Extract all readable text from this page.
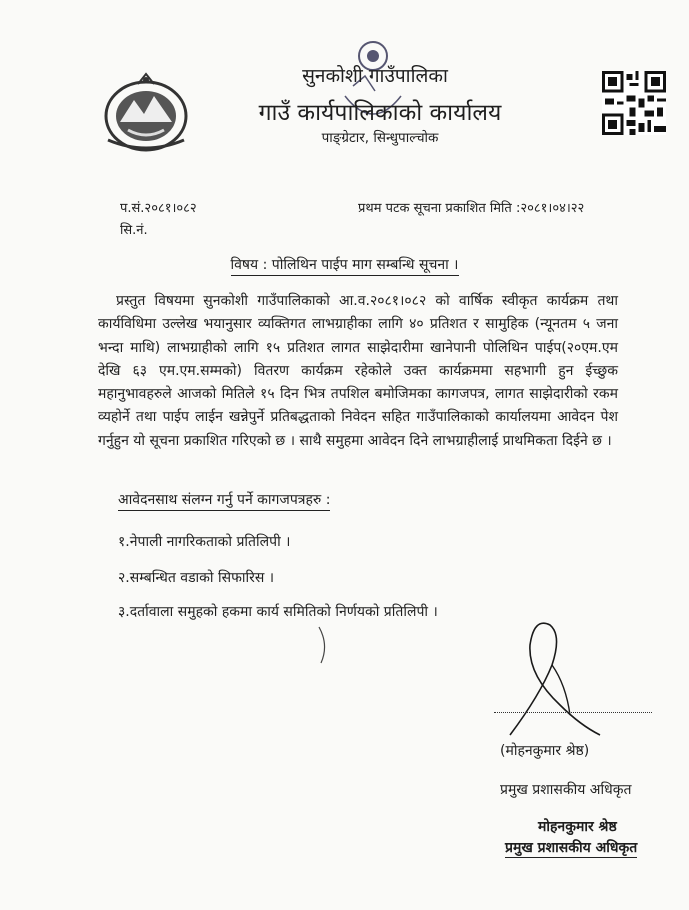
सुनकोशी गाउँपालिका
गाउँ कार्यपालिकाको कार्यालय
पाङ्ग्रेटार, सिन्धुपाल्चोक
प.सं.२०८१।०८२
सि.नं.
प्रथम पटक सूचना प्रकाशित मिति :२०८१।०४।२२
विषय : पोलिथिन पाईप माग सम्बन्धि सूचना ।
प्रस्तुत विषयमा सुनकोशी गाउँपालिकाको आ.व.२०८१।०८२ को वार्षिक स्वीकृत कार्यक्रम तथा कार्यविधिमा उल्लेख भयानुसार व्यक्तिगत लाभग्राहीका लागि ४० प्रतिशत र सामुहिक (न्यूनतम ५ जना भन्दा माथि) लाभग्राहीको लागि १५ प्रतिशत लागत साझेदारीमा खानेपानी पोलिथिन पाईप(२०एम.एम देखि ६३ एम.एम.सम्मको) वितरण कार्यक्रम रहेकोले उक्त कार्यक्रममा सहभागी हुन ईच्छुक महानुभावहरुले आजको मितिले १५ दिन भित्र तपशिल बमोजिमका कागजपत्र, लागत साझेदारीको रकम व्यहोर्ने तथा पाईप लाईन खन्नेपुर्ने प्रतिबद्धताको निवेदन सहित गाउँपालिकाको कार्यालयमा आवेदन पेश गर्नुहुन यो सूचना प्रकाशित गरिएको छ । साथै समुहमा आवेदन दिने लाभग्राहीलाई प्राथमिकता दिईने छ ।
आवेदनसाथ संलग्न गर्नु पर्ने कागजपत्रहरु :
१.नेपाली नागरिकताको प्रतिलिपी ।
२.सम्बन्धित वडाको सिफारिस ।
३.दर्तावाला समुहको हकमा कार्य समितिको निर्णयको प्रतिलिपी ।
(मोहनकुमार श्रेष्ठ)
प्रमुख प्रशासकीय अधिकृत
मोहनकुमार श्रेष्ठ
प्रमुख प्रशासकीय अधिकृत
